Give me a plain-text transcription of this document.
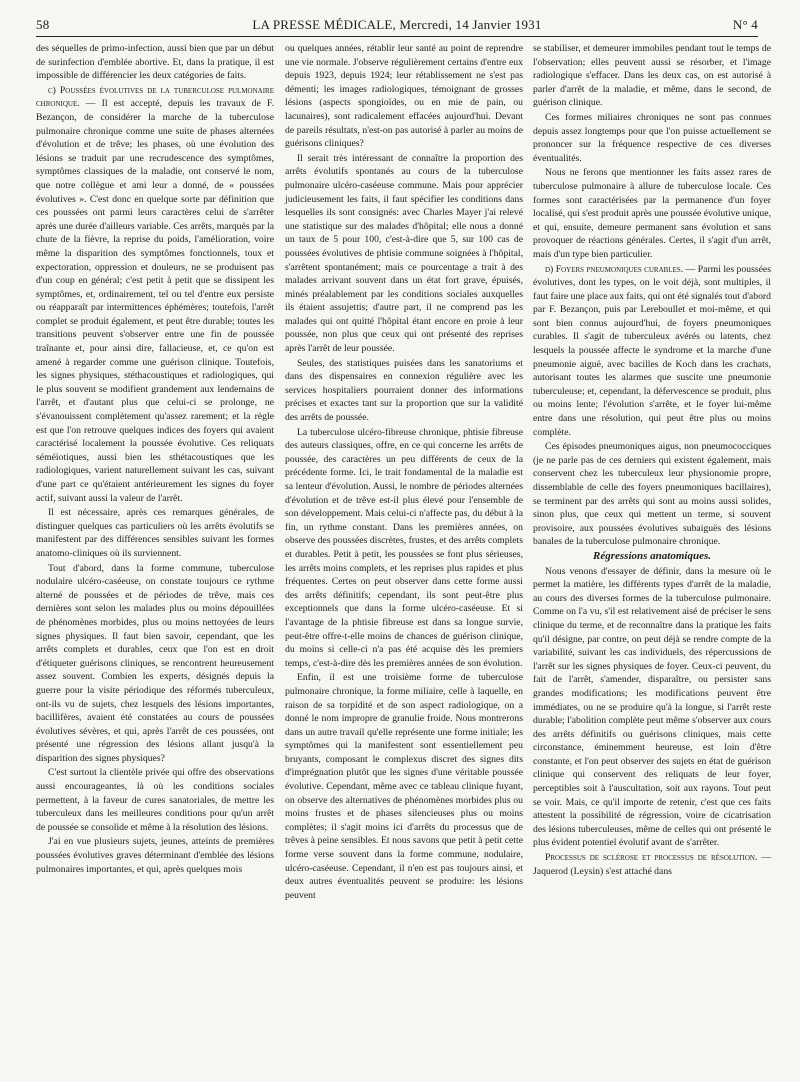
58	LA PRESSE MÉDICALE, Mercredi, 14 Janvier 1931	N° 4

des séquelles de primo-infection, aussi bien que par un début de surinfection d'emblée abortive. Et, dans la pratique, il est impossible de différencier les deux catégories de faits.

c) Poussées évolutives de la tuberculose pulmonaire chronique. — Il est accepté, depuis les travaux de F. Bezançon, de considérer la marche de la tuberculose pulmonaire chronique comme une suite de phases alternées d'évolution et de trêve; les phases, où une évolution des lésions se traduit par une recrudescence des symptômes, symptômes classiques de la maladie, ont conservé le nom, que notre collègue et ami leur a donné, de « poussées évolutives ». C'est donc en quelque sorte par définition que ces poussées ont parmi leurs caractères celui de s'arrêter après une durée d'ailleurs variable. Ces arrêts, marqués par la chute de la fièvre, la reprise du poids, l'amélioration, voire même la disparition des symptômes fonctionnels, toux et expectoration, oppression et douleurs, ne se produisent pas d'un coup en général; c'est petit à petit que se dissipent les symptômes, et, ordinairement, tel ou tel d'entre eux persiste ou réapparaît par intermittences éphémères; toutefois, l'arrêt complet se produit également, et peut être durable; toutes les transitions peuvent s'observer entre une fin de poussée traînante et, pour ainsi dire, fallacieuse, et, ce qu'on est amené à regarder comme une guérison clinique. Toutefois, les signes physiques, stéthacoustiques et radiologiques, qui le plus souvent se modifient grandement aux lendemains de l'arrêt, et d'autant plus que celui-ci se prolonge, ne s'évanouissent complètement qu'assez rarement; et la règle est que l'on retrouve quelques indices des foyers qui avaient caractérisé localement la poussée évolutive. Ces reliquats séméiotiques, aussi bien les sthétacoustiques que les radiologiques, varient naturellement suivant les cas, suivant d'une part ce qu'étaient antérieurement les signes du foyer actif, suivant aussi la valeur de l'arrêt.

Il est nécessaire, après ces remarques générales, de distinguer quelques cas particuliers où les arrêts évolutifs se manifestent par des différences sensibles suivant les formes anatomo-cliniques où ils surviennent.

Tout d'abord, dans la forme commune, tuberculose nodulaire ulcéro-caséeuse, on constate toujours ce rythme alterné de poussées et de périodes de trêve, mais ces dernières sont selon les malades plus ou moins dépouillées de phénomènes morbides, plus ou moins nettoyées de leurs signes physiques. Il faut bien savoir, cependant, que les arrêts complets et durables, ceux que l'on est en droit d'étiqueter guérisons cliniques, se rencontrent heureusement assez souvent. Combien les experts, désignés depuis la guerre pour la visite périodique des réformés tuberculeux, ont-ils vu de sujets, chez lesquels des lésions importantes, bacillifères, avaient été constatées au cours de poussées évolutives sévères, et qui, après l'arrêt de ces poussées, ont présenté une régression des lésions allant jusqu'à la disparition des signes physiques?

C'est surtout la clientèle privée qui offre des observations aussi encourageantes, là où les conditions sociales permettent, à la faveur de cures sanatoriales, de mettre les tuberculeux dans les meilleures conditions pour qu'un arrêt de poussée se consolide et même à la résolution des lésions.

J'ai en vue plusieurs sujets, jeunes, atteints de premières poussées évolutives graves déterminant d'emblée des lésions pulmonaires importantes, et qui, après quelques mois

ou quelques années, rétablir leur santé au point de reprendre une vie normale. J'observe régulièrement certains d'entre eux depuis 1923, depuis 1924; leur rétablissement ne s'est pas démenti; les images radiologiques, témoignant de grosses lésions (aspects spongioïdes, ou en mie de pain, ou lacunaires), sont radicalement effacées aujourd'hui. Devant de pareils résultats, n'est-on pas autorisé à parler au moins de guérisons cliniques?

Il serait très intéressant de connaître la proportion des arrêts évolutifs spontanés au cours de la tuberculose pulmonaire ulcéro-caséeuse commune. Mais pour apprécier judicieusement les faits, il faut spécifier les conditions dans lesquelles ils sont consignés: avec Charles Mayer j'ai relevé une statistique sur des malades d'hôpital; elle nous a donné un taux de 5 pour 100, c'est-à-dire que 5, sur 100 cas de poussées évolutives de phtisie commune soignées à l'hôpital, s'arrêtent spontanément; mais ce pourcentage a trait à des malades arrivant souvent dans un état fort grave, épuisés, minés préalablement par les conditions sociales auxquelles ils étaient assujettis; d'autre part, il ne comprend pas les malades qui ont quitté l'hôpital étant encore en proie à leur poussée, non plus que ceux qui ont présenté des reprises après l'arrêt de leur poussée.

Seules, des statistiques puisées dans les sanatoriums et dans des dispensaires en connexion régulière avec les services hospitaliers pourraient donner des informations précises et exactes tant sur la proportion que sur la validité des arrêts de poussée.

La tuberculose ulcéro-fibreuse chronique, phtisie fibreuse des auteurs classiques, offre, en ce qui concerne les arrêts de poussée, des caractères un peu différents de ceux de la précédente forme. Ici, le trait fondamental de la maladie est sa lenteur d'évolution. Aussi, le nombre de périodes alternées d'évolution et de trêve est-il plus élevé pour l'ensemble de son développement. Mais celui-ci n'affecte pas, du début à la fin, un rythme constant. Dans les premières années, on observe des poussées discrètes, frustes, et des arrêts complets et durables. Petit à petit, les poussées se font plus sérieuses, les arrêts moins complets, et les reprises plus rapides et plus fréquentes. Certes on peut observer dans cette forme aussi des arrêts définitifs; cependant, ils sont peut-être plus exceptionnels que dans la forme ulcéro-caséeuse. Et si l'avantage de la phtisie fibreuse est dans sa longue survie, peut-être offre-t-elle moins de chances de guérison clinique, du moins si celle-ci n'a pas été acquise dès les premiers temps, c'est-à-dire dès les premières années de son évolution.

Enfin, il est une troisième forme de tuberculose pulmonaire chronique, la forme miliaire, celle à laquelle, en raison de sa torpidité et de son aspect radiologique, on a donné le nom impropre de granulie froide. Nous montrerons dans un autre travail qu'elle représente une forme initiale; les symptômes qui la manifestent sont essentiellement peu bruyants, composant le complexus discret des signes dits d'imprégnation plutôt que les signes d'une véritable poussée évolutive. Cependant, même avec ce tableau clinique fuyant, on observe des alternatives de phénomènes morbides plus ou moins frustes et de phases silencieuses plus ou moins complètes; il s'agit moins ici d'arrêts du processus que de trêves à peine sensibles. Et nous savons que petit à petit cette forme verse souvent dans la forme commune, nodulaire, ulcéro-caséeuse. Cependant, il n'en est pas toujours ainsi, et deux autres éventualités peuvent se produire: les lésions peuvent

se stabiliser, et demeurer immobiles pendant tout le temps de l'observation; elles peuvent aussi se résorber, et l'image radiologique s'effacer. Dans les deux cas, on est autorisé à parler d'arrêt de la maladie, et même, dans le second, de guérison clinique.

Ces formes miliaires chroniques ne sont pas connues depuis assez longtemps pour que l'on puisse actuellement se prononcer sur la fréquence respective de ces diverses éventualités.

Nous ne ferons que mentionner les faits assez rares de tuberculose pulmonaire à allure de tuberculose locale. Ces formes sont caractérisées par la permanence d'un foyer localisé, qui s'est produit après une poussée évolutive unique, et qui, ensuite, demeure permanent sans évolution et sans provoquer de réactions générales. Certes, il s'agit d'un arrêt, mais d'un type bien particulier.

d) Foyers pneumoniques curables. — Parmi les poussées évolutives, dont les types, on le voit déjà, sont multiples, il faut faire une place aux faits, qui ont été signalés tout d'abord par F. Bezançon, puis par Lereboullet et moi-même, et qui sont bien connus aujourd'hui, de foyers pneumoniques curables. Il s'agit de tuberculeux avérés ou latents, chez lesquels la poussée affecte le syndrome et la marche d'une pneumonie aiguë, avec bacilles de Koch dans les crachats, autorisant toutes les alarmes que suscite une pneumonie tuberculeuse; et, cependant, la défervescence se produit, plus ou moins lente; l'évolution s'arrête, et le foyer lui-même entre dans une résolution, qui peut être plus ou moins complète.

Ces épisodes pneumoniques aigus, non pneumococciques (je ne parle pas de ces derniers qui existent également, mais conservent chez les tuberculeux leur physionomie propre, dissemblable de celle des foyers pneumoniques bacillaires), se terminent par des arrêts qui sont au moins aussi solides, sinon plus, que ceux qui mettent un terme, si souvent provisoire, aux poussées évolutives subaiguës des lésions banales de la tuberculose pulmonaire chronique.

Régressions anatomiques.

Nous venons d'essayer de définir, dans la mesure où le permet la matière, les différents types d'arrêt de la maladie, au cours des diverses formes de la tuberculose pulmonaire. Comme on l'a vu, s'il est relativement aisé de préciser le sens clinique du terme, et de reconnaître dans la pratique les faits qu'il désigne, par contre, on peut déjà se rendre compte de la variabilité, suivant les cas individuels, des répercussions de l'arrêt sur les signes physiques de foyer. Ceux-ci peuvent, du fait de l'arrêt, s'amender, disparaître, ou persister sans grandes modifications; les modifications peuvent être immédiates, ou ne se produire qu'à la longue, si l'arrêt reste durable; l'abolition complète peut même s'observer aux cours des arrêts définitifs ou guérisons cliniques, mais cette circonstance, éminemment heureuse, est loin d'être constante, et l'on peut observer des sujets en état de guérison clinique qui conservent des reliquats de leur foyer, perceptibles soit à l'auscultation, soit aux rayons. Tout peut se voir. Mais, ce qu'il importe de retenir, c'est que ces faits attestent la possibilité de régression, voire de cicatrisation des lésions tuberculeuses, même de celles qui ont présenté le plus évident potentiel évolutif avant de s'arrêter.

Processus de sclérose et processus de résolution. — Jaquerod (Leysin) s'est attaché dans
